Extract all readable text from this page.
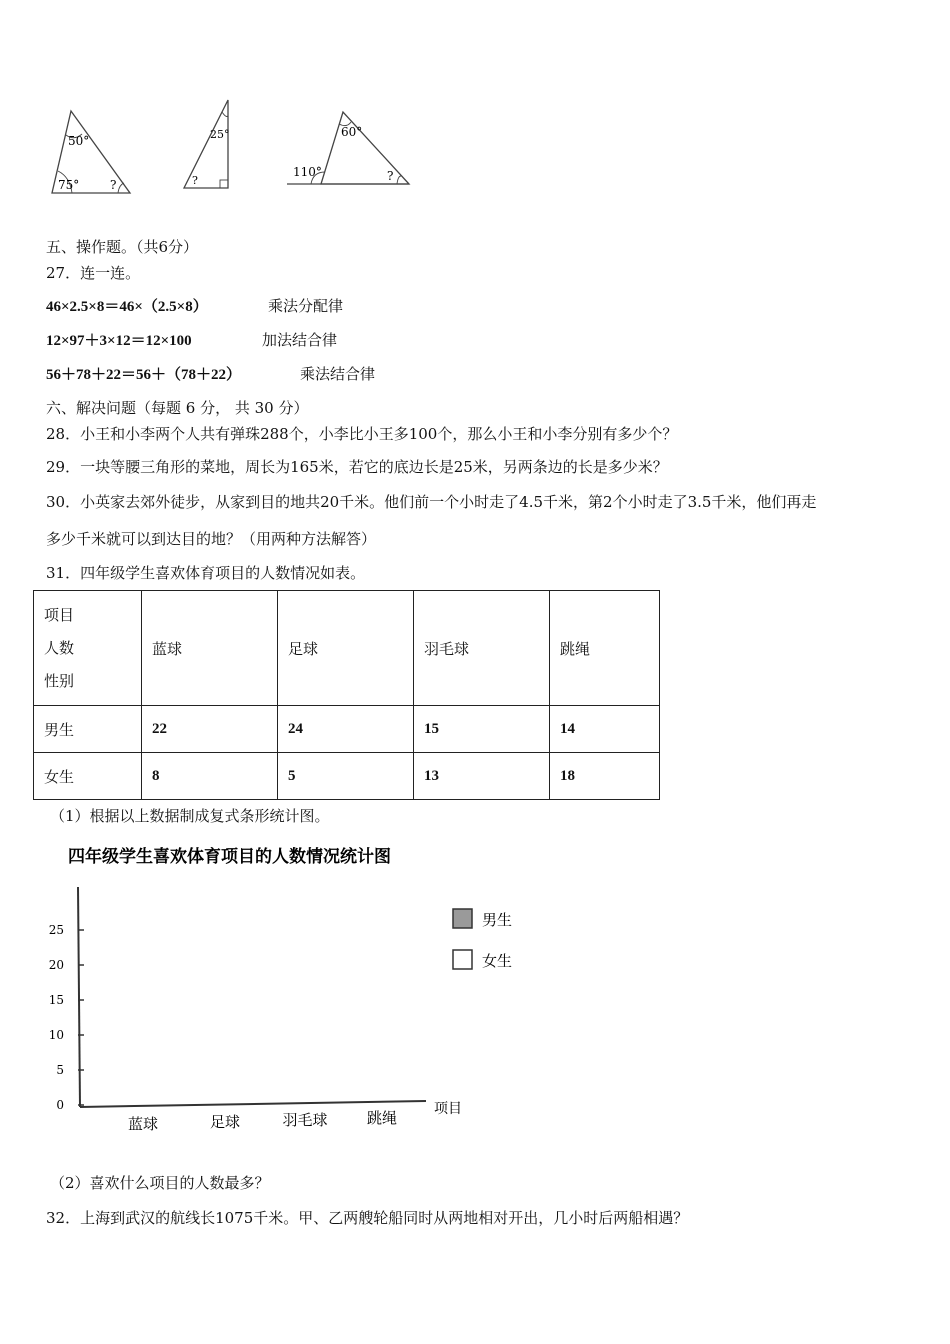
50°
75°	?
25°
?
60°
110°	?
五、操作题。（共6分）
27．连一连。
46×2.5×8＝46×（2.5×8）	乘法分配律
12×97＋3×12＝12×100	加法结合律
56＋78＋22＝56＋（78＋22）	乘法结合律
六、解决问题（每题 6 分， 共 30 分）
28．小王和小李两个人共有弹珠288个，小李比小王多100个，那么小王和小李分别有多少个？
29．一块等腰三角形的菜地，周长为165米，若它的底边长是25米，另两条边的长是多少米？
30．小英家去郊外徒步，从家到目的地共20千米。他们前一个小时走了4.5千米，第2个小时走了3.5千米，他们再走
多少千米就可以到达目的地？（用两种方法解答）
31．四年级学生喜欢体育项目的人数情况如表。
项目
人数
性别	蓝球	足球	羽毛球	跳绳
男生	22	24	15	14
女生	8	5	13	18
（1）根据以上数据制成复式条形统计图。
四年级学生喜欢体育项目的人数情况统计图
0
5
10
15
20
25
蓝球	足球	羽毛球	跳绳	项目
男生
女生
（2）喜欢什么项目的人数最多？
32．上海到武汉的航线长1075千米。甲、乙两艘轮船同时从两地相对开出，几小时后两船相遇？
